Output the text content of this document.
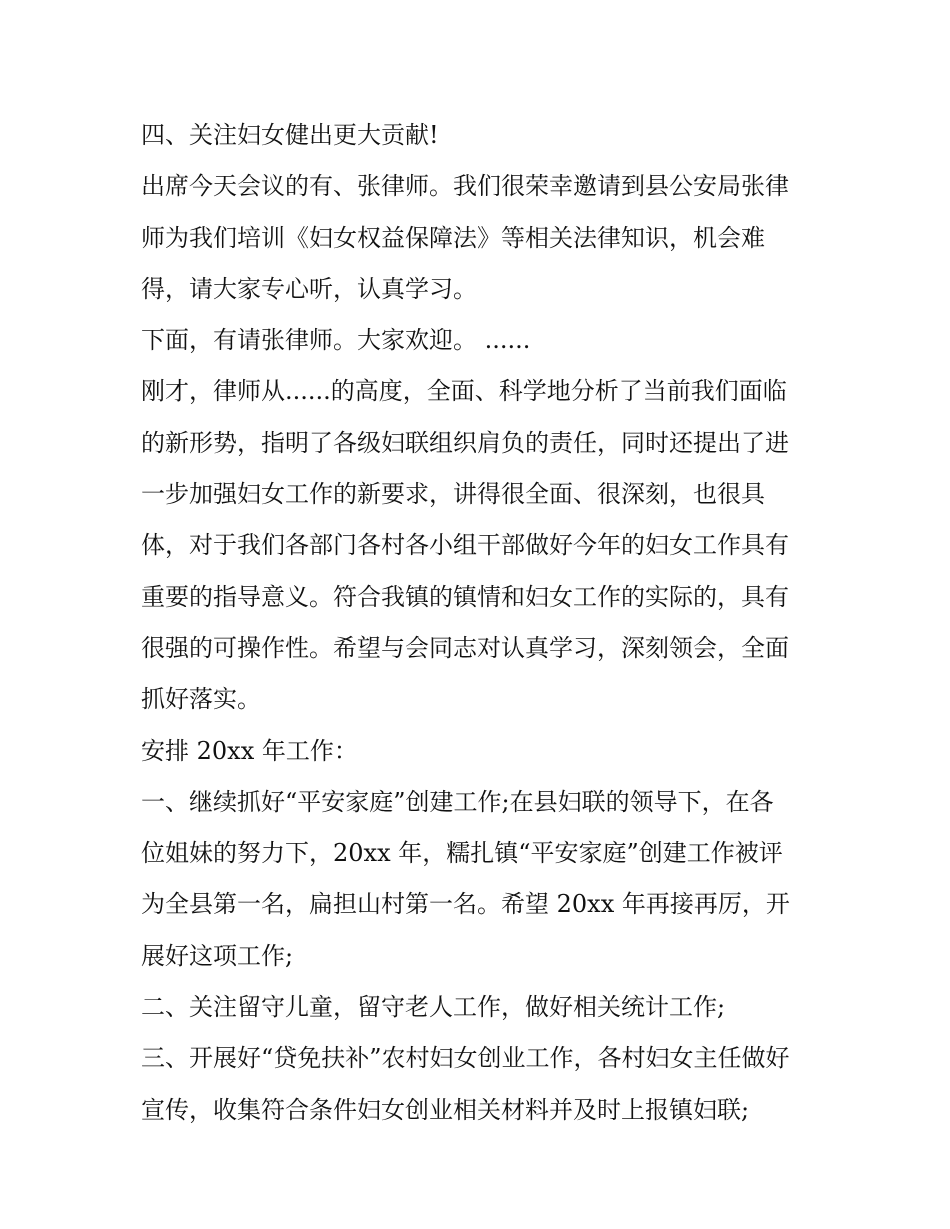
四、关注妇女健出更大贡献!
出席今天会议的有、张律师。我们很荣幸邀请到县公安局张律
师为我们培训《妇女权益保障法》等相关法律知识，机会难
得，请大家专心听，认真学习。
下面，有请张律师。大家欢迎。 ......
刚才，律师从......的高度，全面、科学地分析了当前我们面临
的新形势，指明了各级妇联组织肩负的责任，同时还提出了进
一步加强妇女工作的新要求，讲得很全面、很深刻，也很具
体，对于我们各部门各村各小组干部做好今年的妇女工作具有
重要的指导意义。符合我镇的镇情和妇女工作的实际的，具有
很强的可操作性。希望与会同志对认真学习，深刻领会，全面
抓好落实。
安排 20xx 年工作：
一、继续抓好“平安家庭”创建工作;在县妇联的领导下，在各
位姐妹的努力下，20xx 年，糯扎镇“平安家庭”创建工作被评
为全县第一名，扁担山村第一名。希望 20xx 年再接再厉，开
展好这项工作;
二、关注留守儿童，留守老人工作，做好相关统计工作;
三、开展好“贷免扶补”农村妇女创业工作，各村妇女主任做好
宣传，收集符合条件妇女创业相关材料并及时上报镇妇联;
